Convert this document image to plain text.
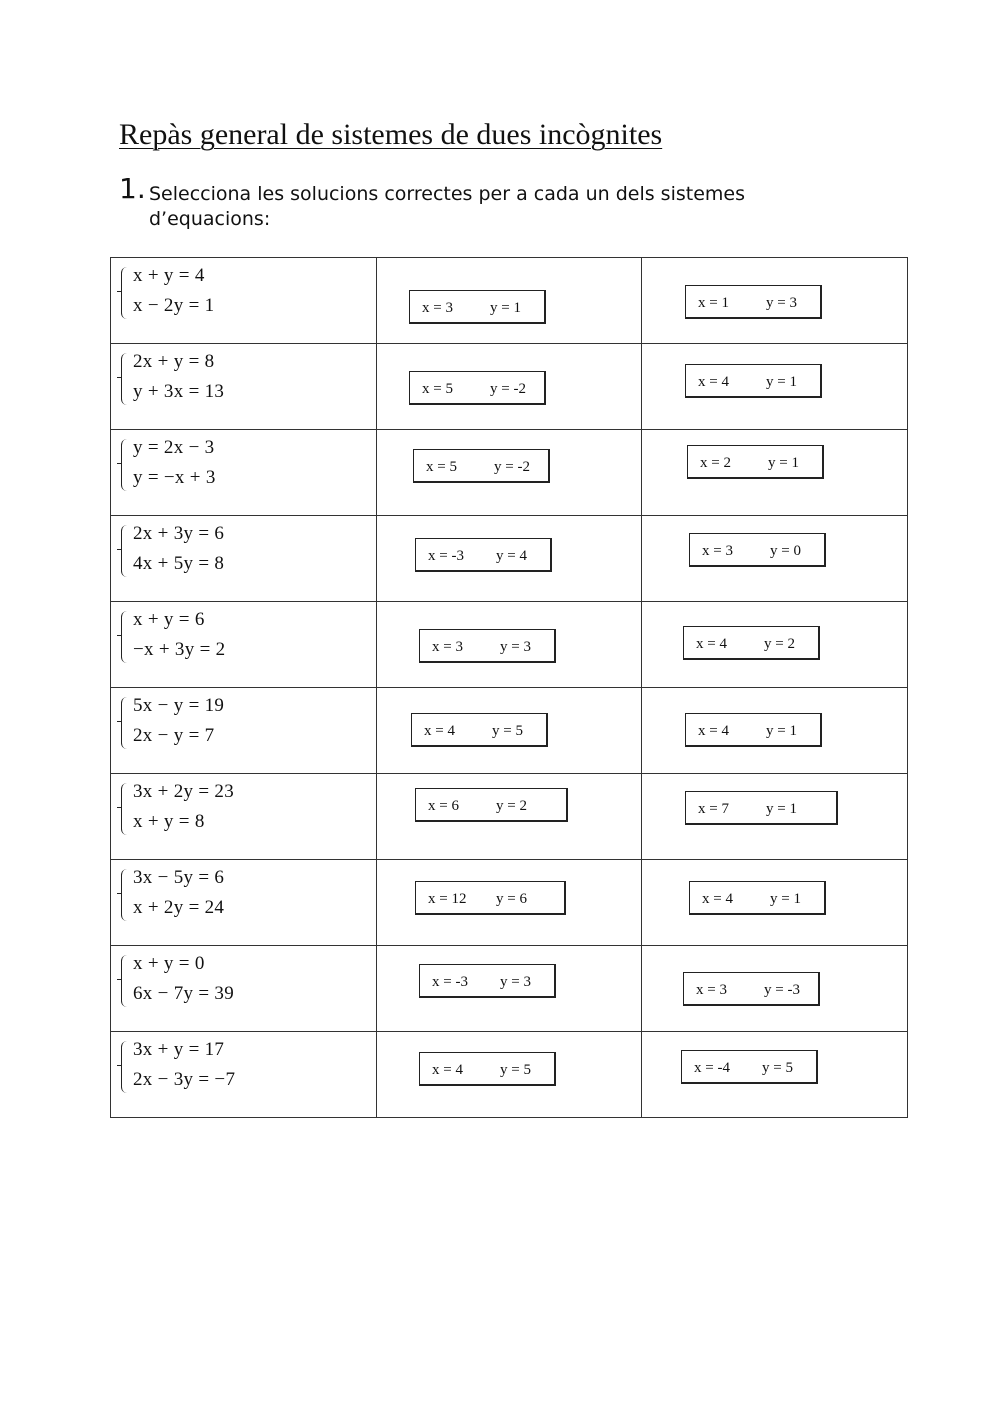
Repàs general de sistemes de dues incògnites
1. Selecciona les solucions correctes per a cada un dels sistemes d’equacions:
x + y = 4
x − 2y = 1	x = 3 y = 1	x = 1 y = 3

2x + y = 8
y + 3x = 13	x = 5 y = -2	x = 4 y = 1

y = 2x − 3
y = −x + 3	x = 5 y = -2	x = 2 y = 1

2x + 3y = 6
4x + 5y = 8	x = -3 y = 4	x = 3 y = 0

x + y = 6
−x + 3y = 2	x = 3 y = 3	x = 4 y = 2

5x − y = 19
2x − y = 7	x = 4 y = 5	x = 4 y = 1

3x + 2y = 23
x + y = 8	x = 6 y = 2	x = 7 y = 1

3x − 5y = 6
x + 2y = 24	x = 12 y = 6	x = 4 y = 1

x + y = 0
6x − 7y = 39	x = -3 y = 3	x = 3 y = -3

3x + y = 17
2x − 3y = −7	x = 4 y = 5	x = -4 y = 5
